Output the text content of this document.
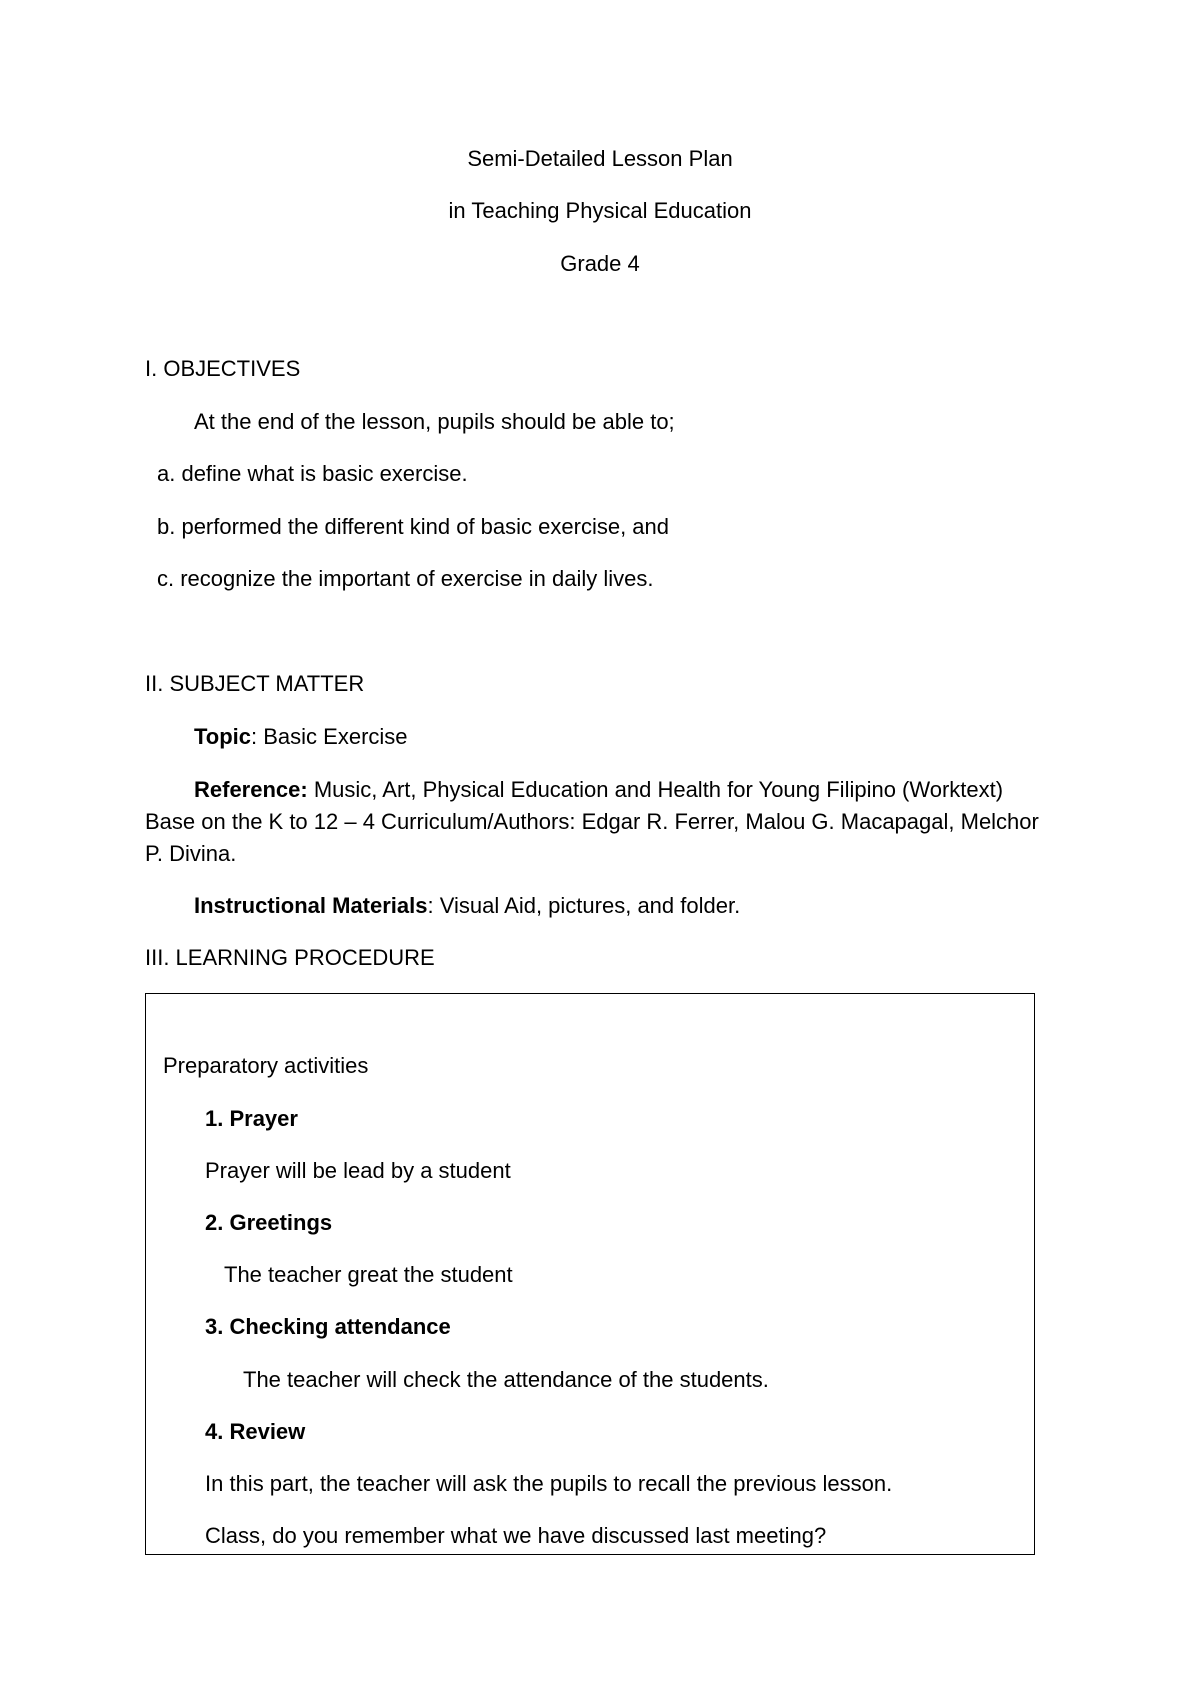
Semi-Detailed Lesson Plan
in Teaching Physical Education
Grade 4
I. OBJECTIVES
At the end of the lesson, pupils should be able to;
a. define what is basic exercise.
b. performed the different kind of basic exercise, and
c. recognize the important of exercise in daily lives.
II. SUBJECT MATTER
Topic: Basic Exercise
Reference: Music, Art, Physical Education and Health for Young Filipino (Worktext) Base on the K to 12 – 4 Curriculum/Authors: Edgar R. Ferrer, Malou G. Macapagal, Melchor P. Divina.
Instructional Materials: Visual Aid, pictures, and folder.
III. LEARNING PROCEDURE
Preparatory activities
1. Prayer
Prayer will be lead by a student
2. Greetings
The teacher great the student
3. Checking attendance
The teacher will check the attendance of the students.
4. Review
In this part, the teacher will ask the pupils to recall the previous lesson.
Class, do you remember what we have discussed last meeting?
